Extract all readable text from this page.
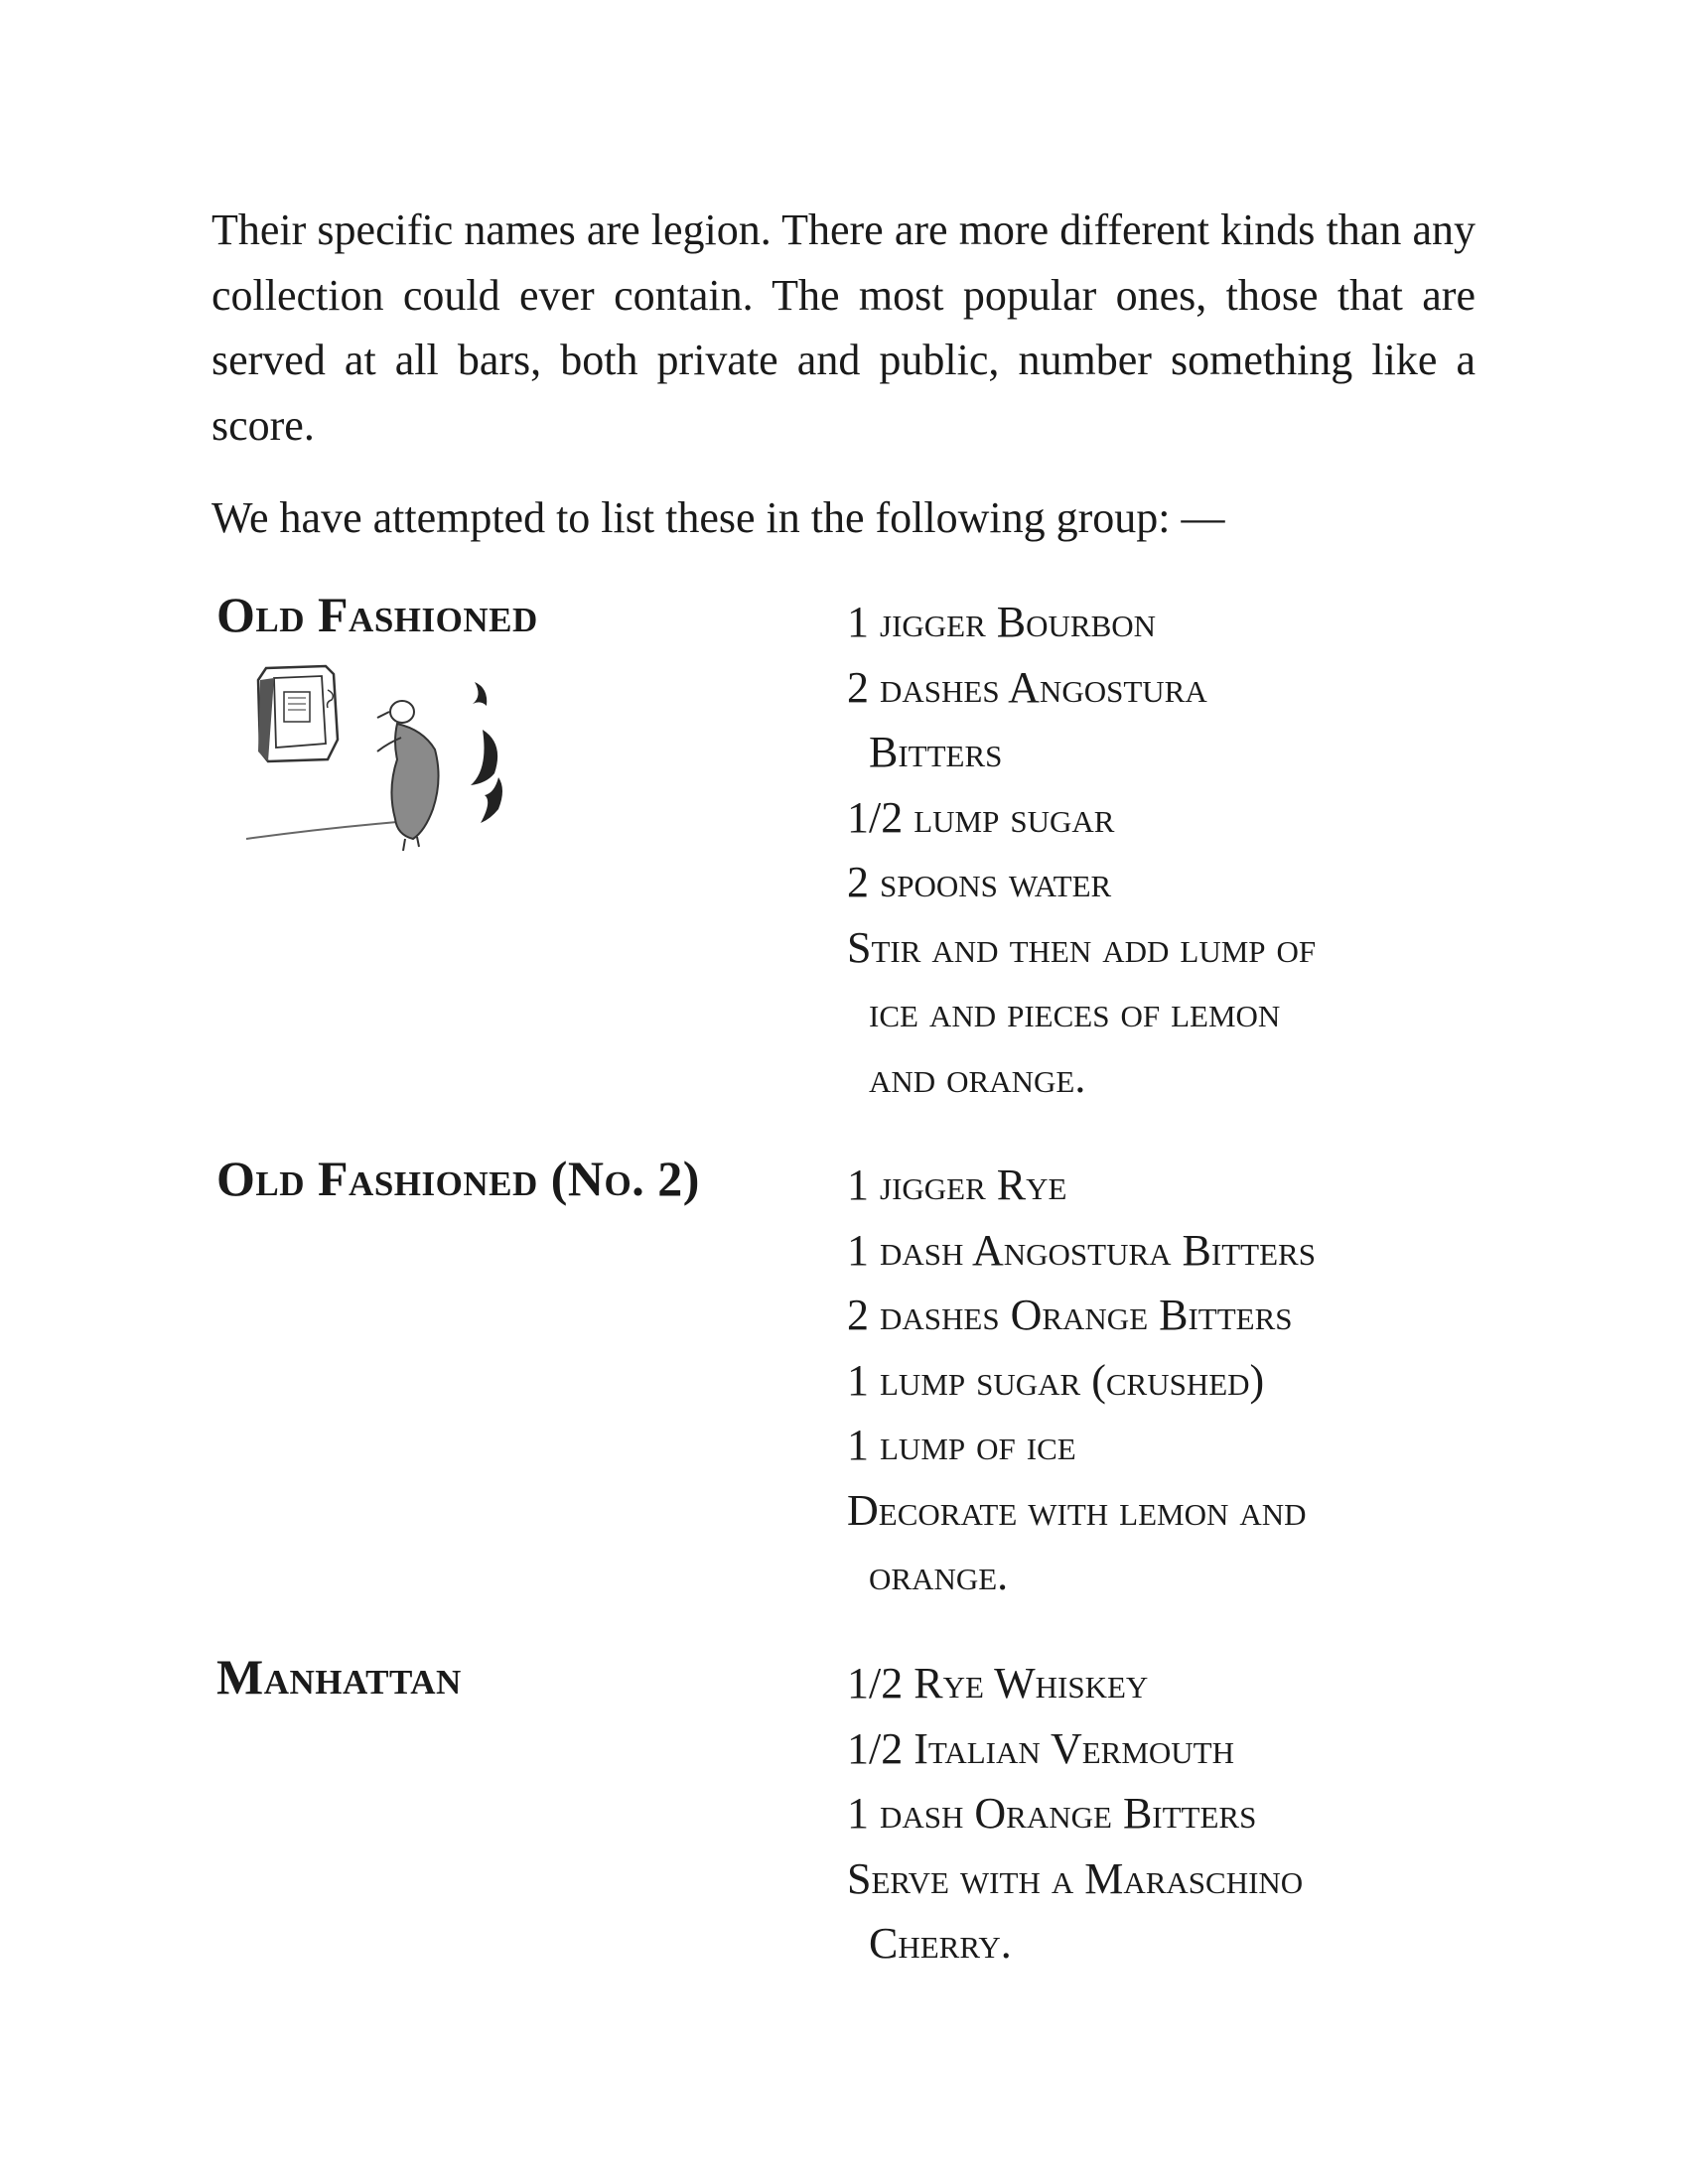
Their specific names are legion. There are more different kinds than any collection could ever contain. The most popular ones, those that are served at all bars, both private and public, number something like a score.

We have attempted to list these in the following group: —

Old Fashioned	1 jigger Bourbon
2 dashes Angostura
Bitters
1/2 lump sugar
2 spoons water
Stir and then add lump of
ice and pieces of lemon
and orange.
Old Fashioned (No. 2)	1 jigger Rye
1 dash Angostura Bitters
2 dashes Orange Bitters
1 lump sugar (crushed)
1 lump of ice
Decorate with lemon and
orange.
Manhattan	1/2 Rye Whiskey
1/2 Italian Vermouth
1 dash Orange Bitters
Serve with a Maraschino
Cherry.
